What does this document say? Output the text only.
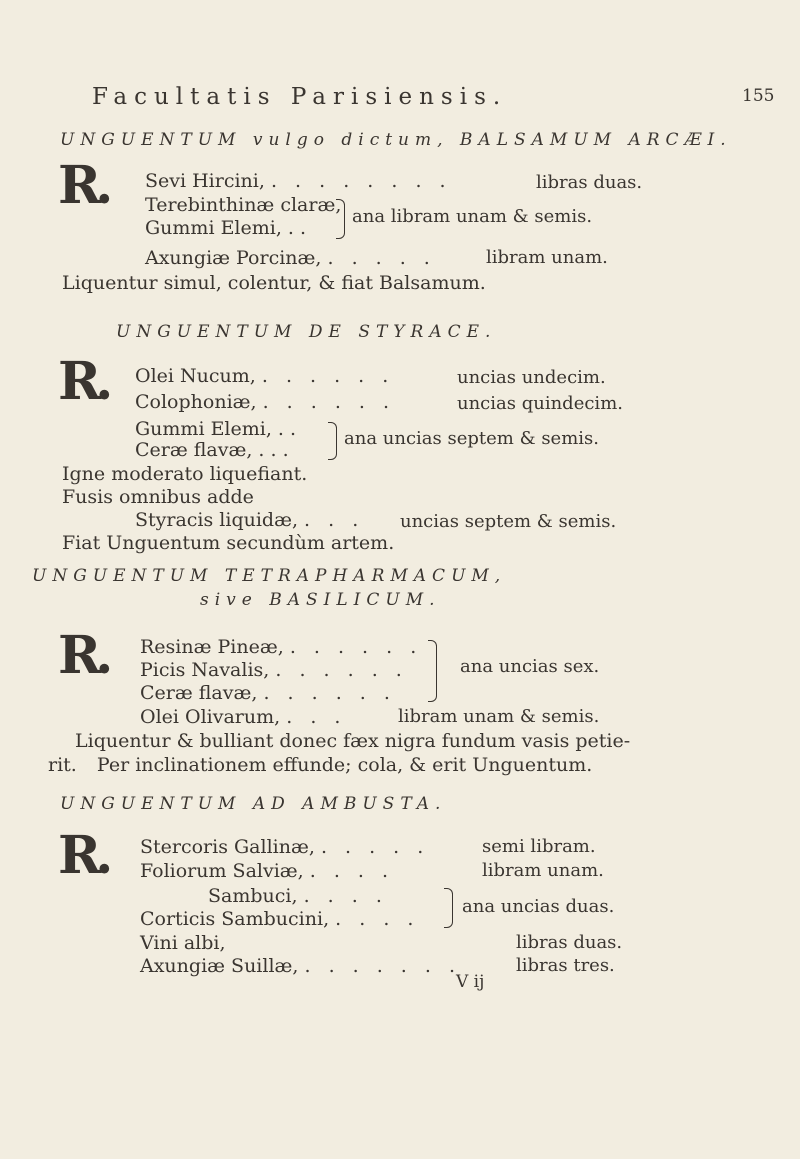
Facultatis Parisiensis.	155
UNGUENTUM vulgo dictum, BALSAMUM ARCÆI.
R. Sevi Hircini, . . . . . . . .	libras duas.
Terebinthinæ claræ,
Gummi Elemi, . .
ana libram unam & semis.
Axungiæ Porcinæ, . . . . .	libram unam.
Liquentur simul, colentur, & fiat Balsamum.
UNGUENTUM DE STYRACE.
R. Olei Nucum, . . . . . .	uncias undecim.
Colophoniæ, . . . . . .	uncias quindecim.
Gummi Elemi, . .
Ceræ flavæ, . . .
ana uncias septem & semis.
Igne moderato liquefiant.
Fusis omnibus adde
Styracis liquidæ, . . . uncias septem & semis.
Fiat Unguentum secundùm artem.
UNGUENTUM TETRAPHARMACUM,
sive BASILICUM.
R. Resinæ Pineæ, . . . . . .
Picis Navalis, . . . . . .
Ceræ flavæ, . . . . . .
ana uncias sex.
Olei Olivarum, . . .	libram unam & semis.
Liquentur & bulliant donec fæx nigra fundum vasis petie-
rit. Per inclinationem effunde; cola, & erit Unguentum.
UNGUENTUM AD AMBUSTA.
R. Stercoris Gallinæ, . . . . .	semi libram.
Foliorum Salviæ, . . . .	libram unam.
Sambuci, . . . .
Corticis Sambucini, . . . .
ana uncias duas.
Vini albi,	libras duas.
Axungiæ Suillæ, . . . . . . .	libras tres.
V ij
